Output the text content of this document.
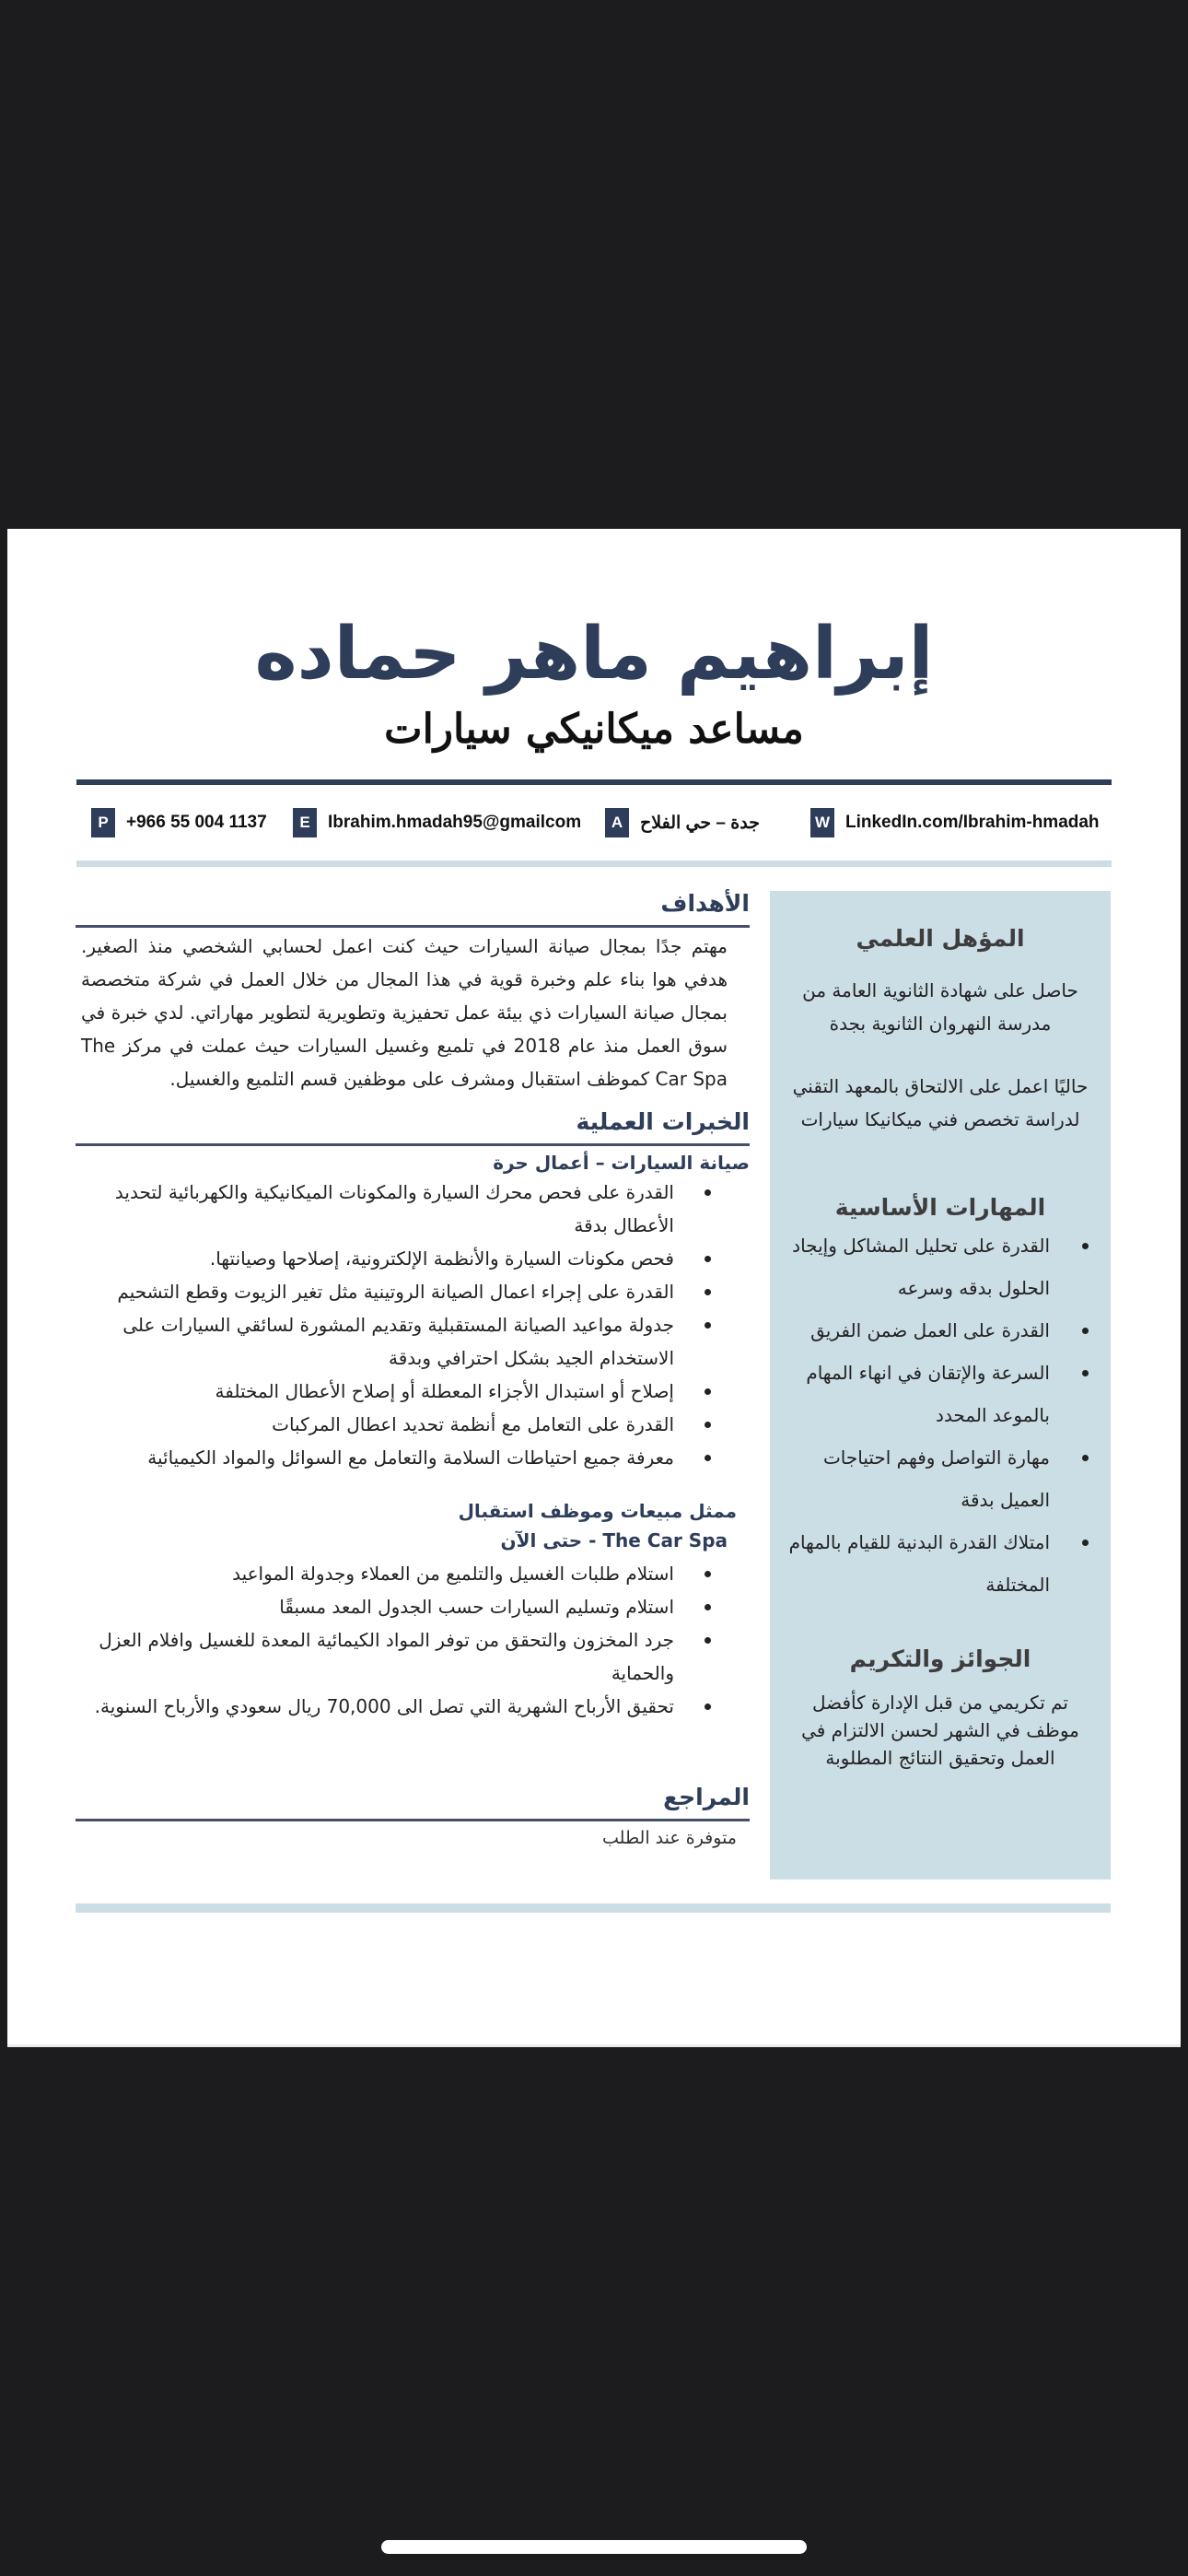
إبراهيم ماهر حماده
مساعد ميكانيكي سيارات
P	+966 55 004 1137	E	Ibrahim.hmadah95@gmailcom	A جدة – حي الفلاح	W LinkedIn.com/Ibrahim-hmadah
الأهداف

مهتم جدًا بمجال صيانة السيارات حيث كنت اعمل لحسابي الشخصي منذ الصغير. هدفي هوا بناء علم وخبرة قوية في هذا المجال من خلال العمل في شركة متخصصة بمجال صيانة السيارات ذي بيئة عمل تحفيزية وتطويرية لتطوير مهاراتي. لدي خبرة في سوق العمل منذ عام 2018 في تلميع وغسيل السيارات حيث عملت في مركز The Car Spa كموظف استقبال ومشرف على موظفين قسم التلميع والغسيل.

الخبرات العملية
صيانة السيارات – أعمال حرة
القدرة على فحص محرك السيارة والمكونات الميكانيكية والكهربائية لتحديد الأعطال بدقة
فحص مكونات السيارة والأنظمة الإلكترونية، إصلاحها وصيانتها.
القدرة على إجراء اعمال الصيانة الروتينية مثل تغير الزيوت وقطع التشحيم
جدولة مواعيد الصيانة المستقبلية وتقديم المشورة لسائقي السيارات على الاستخدام الجيد بشكل احترافي وبدقة
إصلاح أو استبدال الأجزاء المعطلة أو إصلاح الأعطال المختلفة
القدرة على التعامل مع أنظمة تحديد اعطال المركبات
معرفة جميع احتياطات السلامة والتعامل مع السوائل والمواد الكيميائية
ممثل مبيعات وموظف استقبال
The Car Spa - حتى الآن
استلام طلبات الغسيل والتلميع من العملاء وجدولة المواعيد
استلام وتسليم السيارات حسب الجدول المعد مسبقًا
جرد المخزون والتحقق من توفر المواد الكيمائية المعدة للغسيل وافلام العزل والحماية
تحقيق الأرباح الشهرية التي تصل الى 70,000 ريال سعودي والأرباح السنوية.
المراجع
متوفرة عند الطلب
المؤهل العلمي
حاصل على شهادة الثانوية العامة من مدرسة النهروان الثانوية بجدة
حاليًا اعمل على الالتحاق بالمعهد التقني لدراسة تخصص فني ميكانيكا سيارات
المهارات الأساسية
القدرة على تحليل المشاكل وإيجاد الحلول بدقه وسرعه
القدرة على العمل ضمن الفريق
السرعة والإتقان في انهاء المهام بالموعد المحدد
مهارة التواصل وفهم احتياجات العميل بدقة
امتلاك القدرة البدنية للقيام بالمهام المختلفة
الجوائز والتكريم
تم تكريمي من قبل الإدارة كأفضل موظف في الشهر لحسن الالتزام في العمل وتحقيق النتائج المطلوبة
